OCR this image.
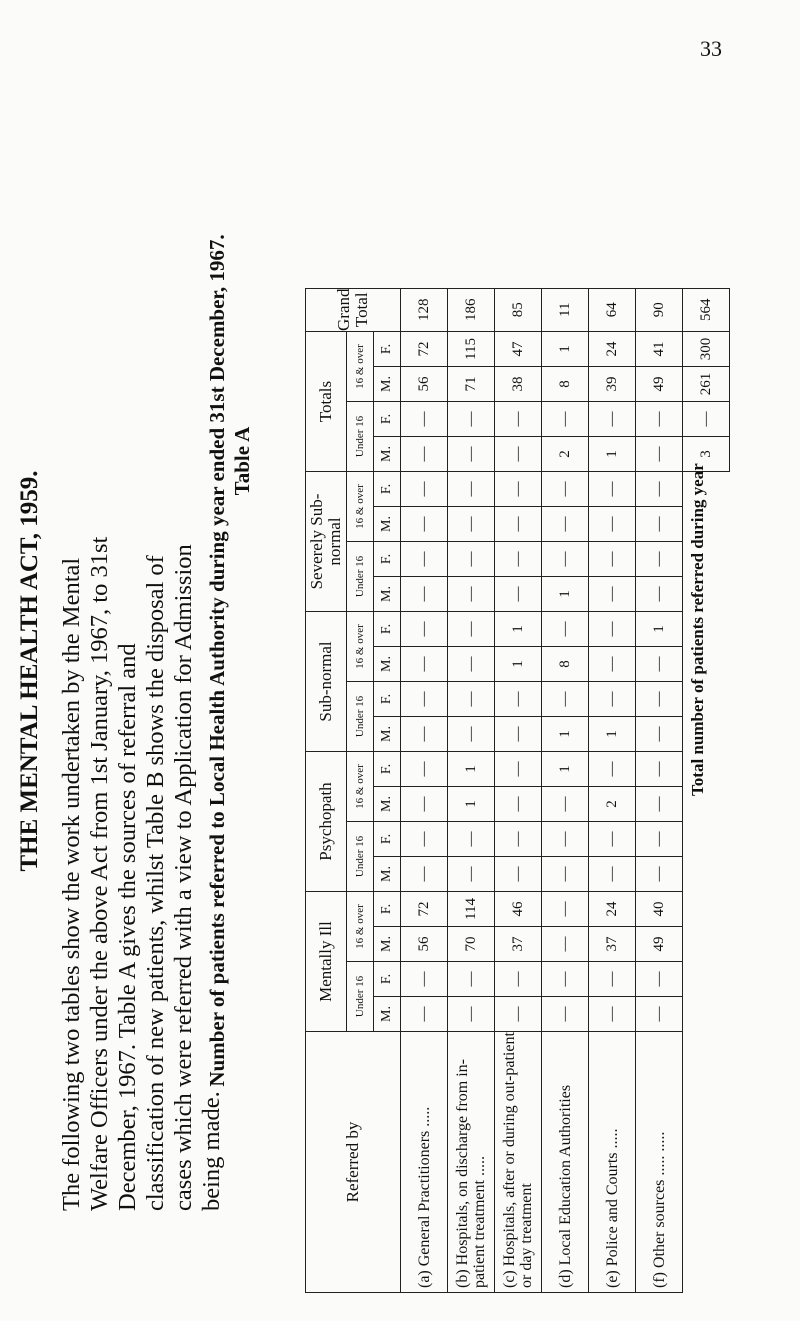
33
THE MENTAL HEALTH ACT, 1959. The following two tables show the work undertaken by the Mental Welfare Officers under the above Act from 1st January, 1967, to 31st December, 1967. Table A gives the sources of referral and classification of new patients, whilst Table B shows the disposal of cases which were referred with a view to Application for Admission being made.

Number of patients referred to Local Health Authority during year ended 31st December, 1967. Table A

Referred by	Mentally Ill				Psychopath				Sub-normal				Severely Sub-normal				Totals				Grand Total
	Under 16		16 & over		Under 16		16 & over		Under 16		16 & over		Under 16		16 & over		Under 16		16 & over		
	M.	F.	M.	F.	M.	F.	M.	F.	M.	F.	M.	F.	M.	F.	M.	F.	M.	F.	M.	F.	
(a) General Practitioners .....	—	—	56	72	—	—	—	—	—	—	—	—	—	—	—	—	—	—	56	72	128
(b) Hospitals, on discharge from in-patient treatment .....	—	—	70	114	—	—	1	1	—	—	—	—	—	—	—	—	—	—	71	115	186
(c) Hospitals, after or during out-patient or day treatment	—	—	37	46	—	—	—	—	—	—	1	1	—	—	—	—	—	—	38	47	85
(d) Local Education Authorities	—	—	—	—	—	—	—	1	1	—	8	—	1	—	—	—	2	—	8	1	11
(e) Police and Courts .....	—	—	37	24	—	—	2	—	1	—	—	—	—	—	—	—	1	—	39	24	64
(f) Other sources ..... .....	—	—	49	40	—	—	—	—	—	—	—	1	—	—	—	—	—	—	49	41	90
																	3	—	261	300	564

Total number of patients referred during year
